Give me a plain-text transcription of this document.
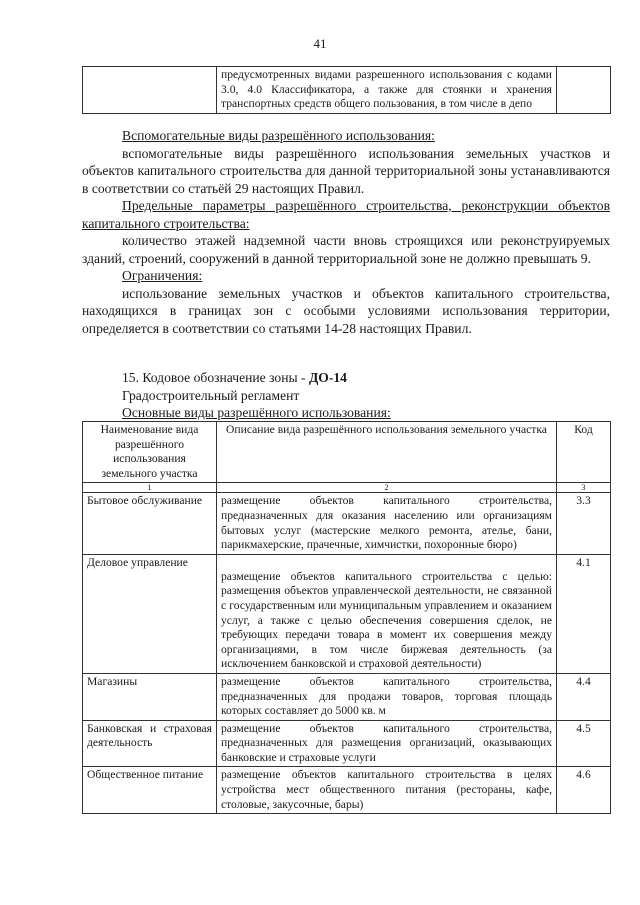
41
	предусмотренных видами разрешенного использования с кодами 3.0, 4.0 Классификатора, а также для стоянки и хранения транспортных средств общего пользования, в том числе в депо	

Вспомогательные виды разрешённого использования:

вспомогательные виды разрешённого использования земельных участков и объектов капитального строительства для данной территориальной зоны устанавливаются в соответствии со статьёй 29 настоящих Правил.

Предельные параметры разрешённого строительства, реконструкции объектов капитального строительства:

количество этажей надземной части вновь строящихся или реконструируемых зданий, строений, сооружений в данной территориальной зоне не должно превышать 9.

Ограничения:

использование земельных участков и объектов капитального строительства, находящихся в границах зон с особыми условиями использования территории, определяется в соответствии со статьями 14-28 настоящих Правил.

15. Кодовое обозначение зоны - ДО-14

Градостроительный регламент

Основные виды разрешённого использования:

Наименование вида разрешённого использования земельного участка	Описание вида разрешённого использования земельного участка	Код
1	2	3
Бытовое обслуживание	размещение объектов капитального строительства, предназначенных для оказания населению или организациям бытовых услуг (мастерские мелкого ремонта, ателье, бани, парикмахерские, прачечные, химчистки, похоронные бюро)	3.3
Деловое управление	размещение объектов капитального строительства с целью: размещения объектов управленческой деятельности, не связанной с государственным или муниципальным управлением и оказанием услуг, а также с целью обеспечения совершения сделок, не требующих передачи товара в момент их совершения между организациями, в том числе биржевая деятельность (за исключением банковской и страховой деятельности)	4.1
Магазины	размещение объектов капитального строительства, предназначенных для продажи товаров, торговая площадь которых составляет до 5000 кв. м	4.4
Банковская и страховая деятельность	размещение объектов капитального строительства, предназначенных для размещения организаций, оказывающих банковские и страховые услуги	4.5
Общественное питание	размещение объектов капитального строительства в целях устройства мест общественного питания (рестораны, кафе, столовые, закусочные, бары)	4.6
